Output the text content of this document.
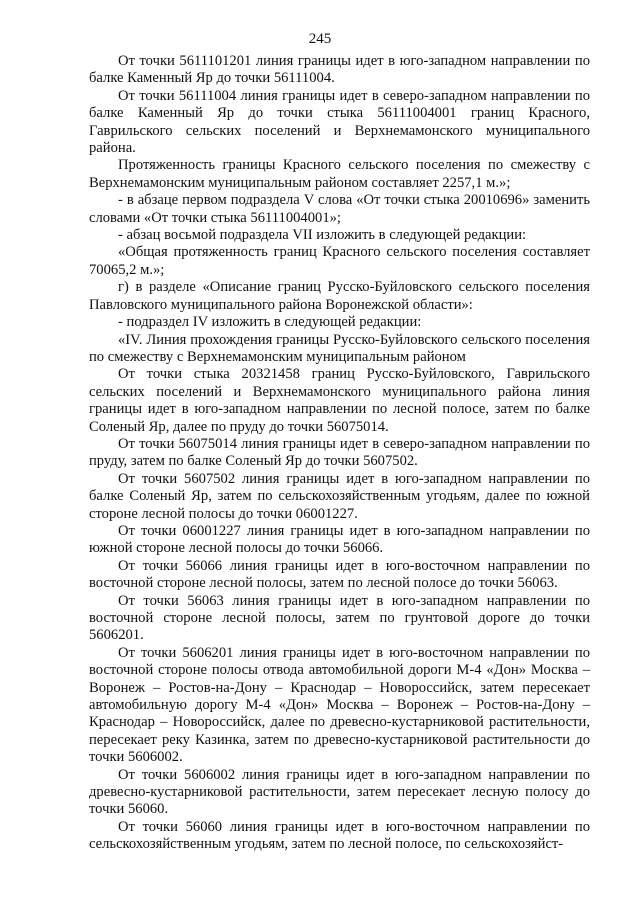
245

От точки 5611101201 линия границы идет в юго-западном направлении по балке Каменный Яр до точки 56111004.

От точки 56111004 линия границы идет в северо-западном направлении по балке Каменный Яр до точки стыка 56111004001 границ Красного, Гаврильского сельских поселений и Верхнемамонского муниципального района.

Протяженность границы Красного сельского поселения по смежеству с Верхнемамонским муниципальным районом составляет 2257,1 м.»;

- в абзаце первом подраздела V слова «От точки стыка 20010696» заменить словами «От точки стыка 56111004001»;

- абзац восьмой подраздела VII изложить в следующей редакции:

«Общая протяженность границ Красного сельского поселения составляет 70065,2 м.»;

г) в разделе «Описание границ Русско-Буйловского сельского поселения Павловского муниципального района Воронежской области»:

- подраздел IV изложить в следующей редакции:

«IV. Линия прохождения границы Русско-Буйловского сельского поселения по смежеству с Верхнемамонским муниципальным районом

От точки стыка 20321458 границ Русско-Буйловского, Гаврильского сельских поселений и Верхнемамонского муниципального района линия границы идет в юго-западном направлении по лесной полосе, затем по балке Соленый Яр, далее по пруду до точки 56075014.

От точки 56075014 линия границы идет в северо-западном направлении по пруду, затем по балке Соленый Яр до точки 5607502.

От точки 5607502 линия границы идет в юго-западном направлении по балке Соленый Яр, затем по сельскохозяйственным угодьям, далее по южной стороне лесной полосы до точки 06001227.

От точки 06001227 линия границы идет в юго-западном направлении по южной стороне лесной полосы до точки 56066.

От точки 56066 линия границы идет в юго-восточном направлении по восточной стороне лесной полосы, затем по лесной полосе до точки 56063.

От точки 56063 линия границы идет в юго-западном направлении по восточной стороне лесной полосы, затем по грунтовой дороге до точки 5606201.

От точки 5606201 линия границы идет в юго-восточном направлении по восточной стороне полосы отвода автомобильной дороги М-4 «Дон» Москва – Воронеж – Ростов-на-Дону – Краснодар – Новороссийск, затем пересекает автомобильную дорогу М-4 «Дон» Москва – Воронеж – Ростов-на-Дону – Краснодар – Новороссийск, далее по древесно-кустарниковой растительности, пересекает реку Казинка, затем по древесно-кустарниковой растительности до точки 5606002.

От точки 5606002 линия границы идет в юго-западном направлении по древесно-кустарниковой растительности, затем пересекает лесную полосу до точки 56060.

От точки 56060 линия границы идет в юго-восточном направлении по сельскохозяйственным угодьям, затем по лесной полосе, по сельскохозяйст-
